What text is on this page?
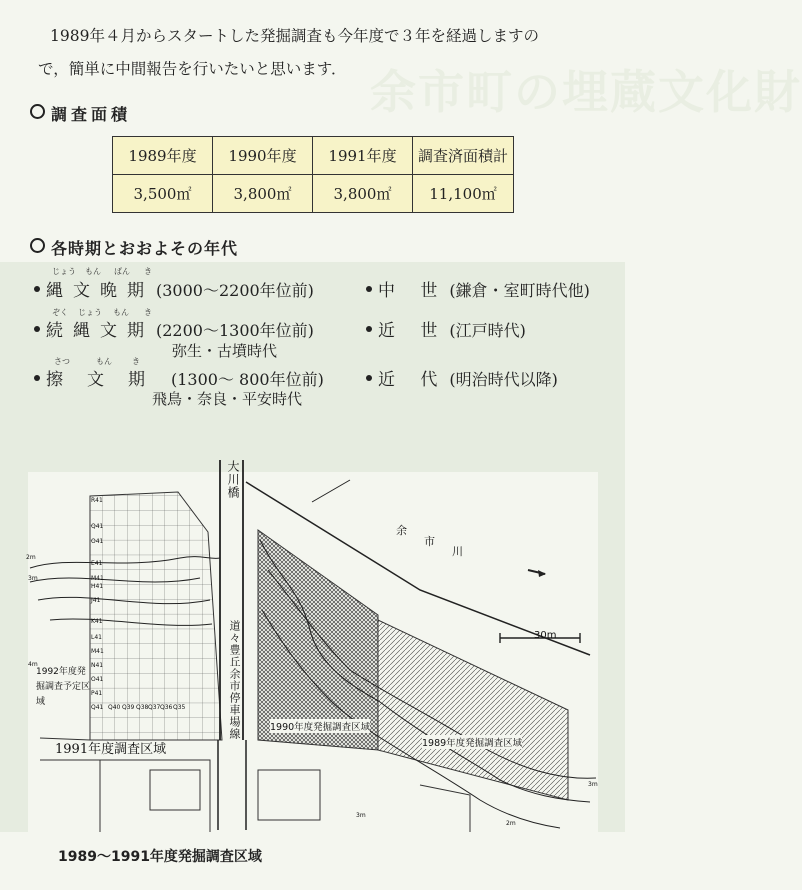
余市町の埋蔵文化財

1989年４月からスタートした発掘調査も今年度で３年を経過しますの

で，簡単に中間報告を行いたいと思います．

調査面積
1989年度	1990年度	1991年度	調査済面積計
3,500㎡	3,800㎡	3,800㎡	11,100㎡
各時期とおおよその年代
じょう もん ばん き
ぞく じょう もん き
さつ	もん	き
縄文晩期 (3000〜2200年位前)
続縄文期 (2200〜1300年位前)
弥生・古墳時代
擦文期 (1300〜 800年位前)
飛鳥・奈良・平安時代
中 世 (鎌倉・室町時代他)
近 世 (江戸時代)
近 代 (明治時代以降)
大川橋
余
市
川
道々豊丘余市停車場線	30m
2m
3m
4m
3m
2m
3m
R41
Q41
O41
E41
M41
H41
J41
K41
L41
M41
N41
O41
P41
Q41 Q40 Q39 Q38 Q37 Q36 Q35
1992年度発掘調査予定区域
1991年度調査区域
1990年度発掘調査区域
1989年度発掘調査区域
1989〜1991年度発掘調査区域
